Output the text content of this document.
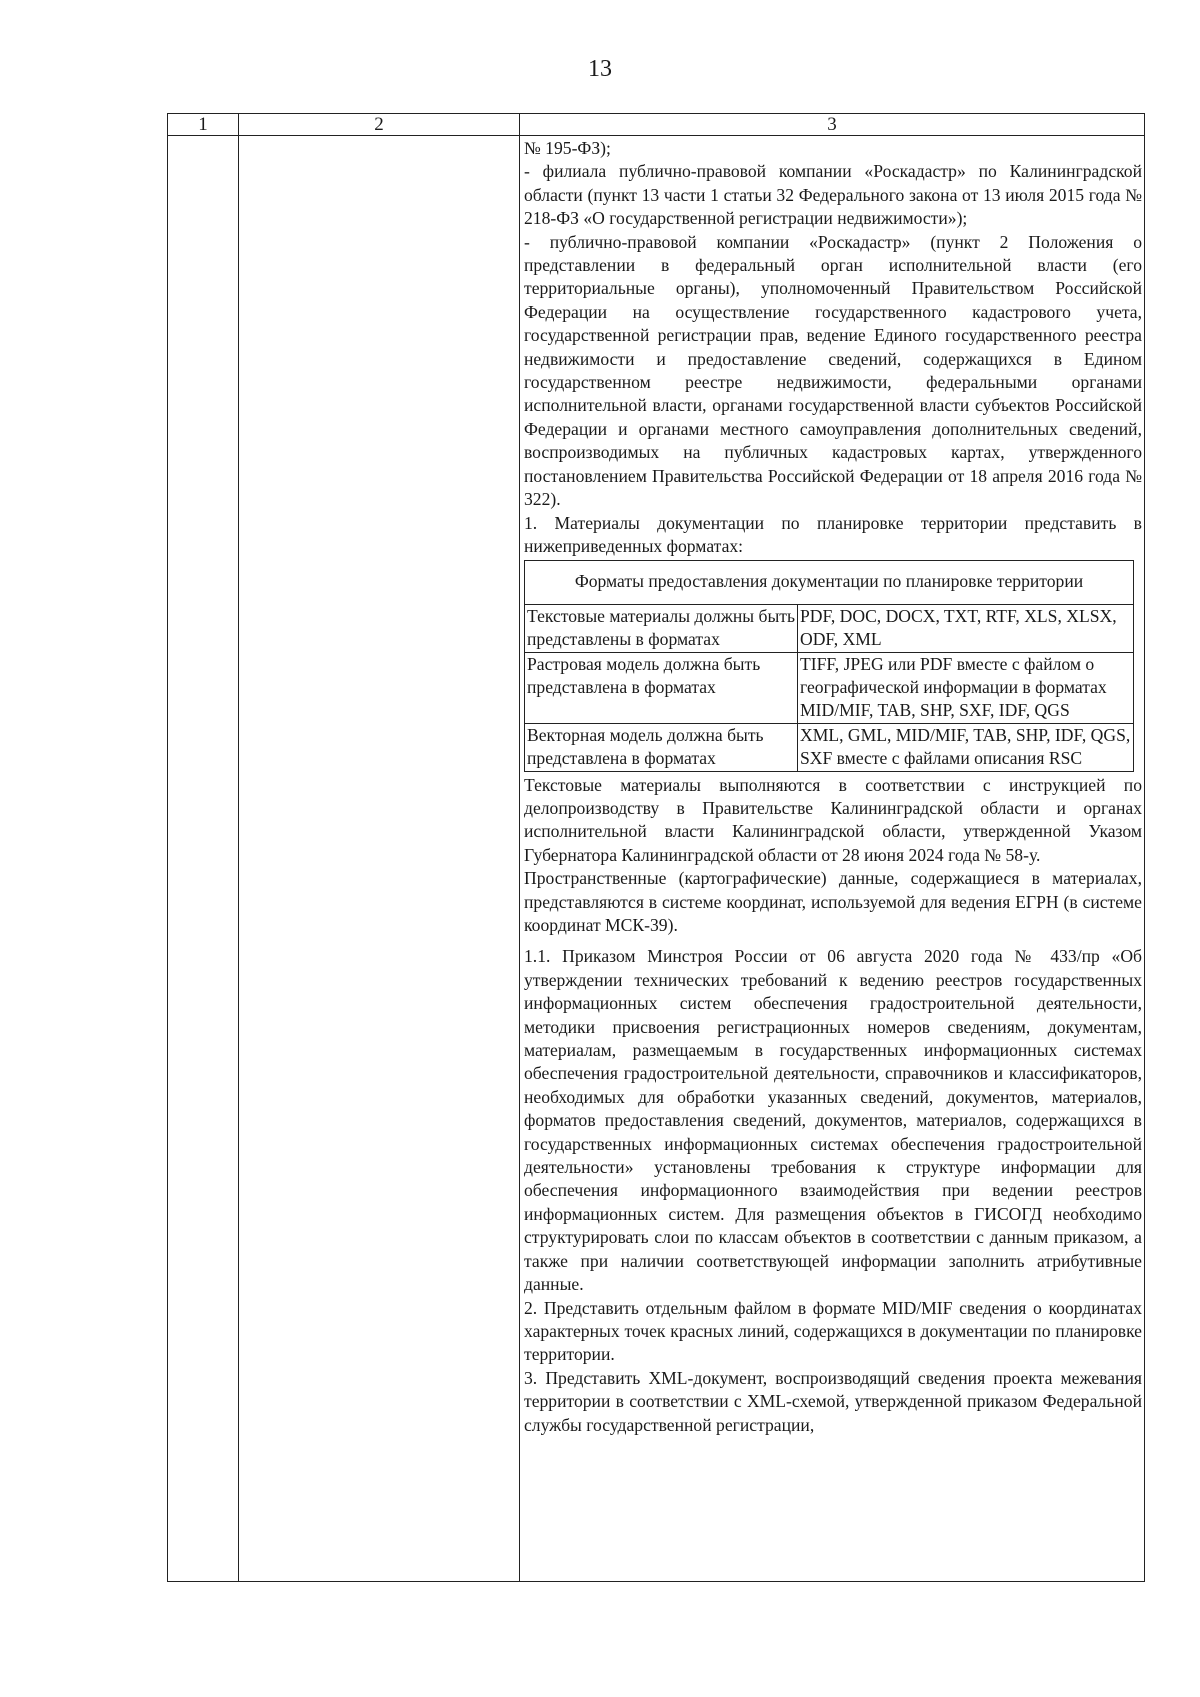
13
1	2	3

№ 195-ФЗ);

- филиала публично-правовой компании «Роскадастр» по Калининградской области (пункт 13 части 1 статьи 32 Федерального закона от 13 июля 2015 года № 218-ФЗ «О государственной регистрации недвижимости»);

- публично-правовой компании «Роскадастр» (пункт 2 Положения о представлении в федеральный орган исполнительной власти (его территориальные органы), уполномоченный Правительством Российской Федерации на осуществление государственного кадастрового учета, государственной регистрации прав, ведение Единого государственного реестра недвижимости и предоставление сведений, содержащихся в Едином государственном реестре недвижимости, федеральными органами исполнительной власти, органами государственной власти субъектов Российской Федерации и органами местного самоуправления дополнительных сведений, воспроизводимых на публичных кадастровых картах, утвержденного постановлением Правительства Российской Федерации от 18 апреля 2016 года № 322).

1. Материалы документации по планировке территории представить в нижеприведенных форматах:

Форматы предоставления документации по планировке территории	
Текстовые материалы должны быть представлены в форматах	PDF, DOC, DOCX, TXT, RTF, XLS, XLSX, ODF, XML
Растровая модель должна быть представлена в форматах	TIFF, JPEG или PDF вместе с файлом о географической информации в форматах MID/MIF, TAB, SHP, SXF, IDF, QGS
Векторная модель должна быть представлена в форматах	XML, GML, MID/MIF, TAB, SHP, IDF, QGS, SXF вместе с файлами описания RSC

Текстовые материалы выполняются в соответствии с инструкцией по делопроизводству в Правительстве Калининградской области и органах исполнительной власти Калининградской области, утвержденной Указом Губернатора Калининградской области от 28 июня 2024 года № 58-у.

Пространственные (картографические) данные, содержащиеся в материалах, представляются в системе координат, используемой для ведения ЕГРН (в системе координат МСК-39).

1.1. Приказом Минстроя России от 06 августа 2020 года № 433/пр «Об утверждении технических требований к ведению реестров государственных информационных систем обеспечения градостроительной деятельности, методики присвоения регистрационных номеров сведениям, документам, материалам, размещаемым в государственных информационных системах обеспечения градостроительной деятельности, справочников и классификаторов, необходимых для обработки указанных сведений, документов, материалов, форматов предоставления сведений, документов, материалов, содержащихся в государственных информационных системах обеспечения градостроительной деятельности» установлены требования к структуре информации для обеспечения информационного взаимодействия при ведении реестров информационных систем. Для размещения объектов в ГИСОГД необходимо структурировать слои по классам объектов в соответствии с данным приказом, а также при наличии соответствующей информации заполнить атрибутивные данные.

2. Представить отдельным файлом в формате MID/MIF сведения о координатах характерных точек красных линий, содержащихся в документации по планировке территории.

3. Представить XML-документ, воспроизводящий сведения проекта межевания территории в соответствии с XML-схемой, утвержденной приказом Федеральной службы государственной регистрации,
